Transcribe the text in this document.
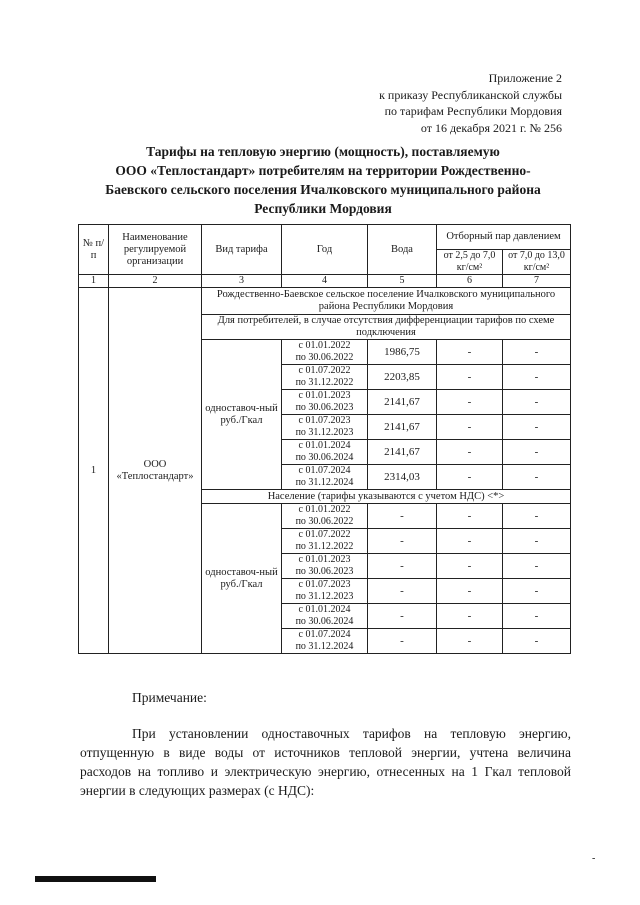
Приложение 2
к приказу Республиканской службы
по тарифам Республики Мордовия
от 16 декабря 2021 г. № 256
Тарифы на тепловую энергию (мощность), поставляемую
ООО «Теплостандарт» потребителям на территории Рождественно-
Баевского сельского поселения Ичалковского муниципального района
Республики Мордовия
№ п/п	Наименование регулируемой организации	Вид тарифа	Год	Вода	Отборный пар давлением	
					от 2,5 до 7,0 кг/см²	от 7,0 до 13,0 кг/см²
1	2	3	4	5	6	7
1	ООО «Теплостандарт»	Рождественно-Баевское сельское поселение Ичалковского муниципального района Республики Мордовия				
		Для потребителей, в случае отсутствия дифференциации тарифов по схеме подключения				
		одноставоч-ный руб./Гкал	с 01.01.2022
по 30.06.2022	1986,75	-	-

			с 01.07.2022
по 31.12.2022	2203,85	-	-

			с 01.01.2023
по 30.06.2023	2141,67	-	-

			с 01.07.2023
по 31.12.2023	2141,67	-	-

			с 01.01.2024
по 30.06.2024	2141,67	-	-

			с 01.07.2024
по 31.12.2024	2314,03	-	-
		Население (тарифы указываются с учетом НДС) <*>				
		одноставоч-ный руб./Гкал	с 01.01.2022
по 30.06.2022	-	-	-

			с 01.07.2022
по 31.12.2022	-	-	-

			с 01.01.2023
по 30.06.2023	-	-	-

			с 01.07.2023
по 31.12.2023	-	-	-

			с 01.01.2024
по 30.06.2024	-	-	-

			с 01.07.2024
по 31.12.2024	-	-	-
Примечание:
При установлении одноставочных тарифов на тепловую энергию, отпущенную в виде воды от источников тепловой энергии, учтена величина расходов на топливо и электрическую энергию, отнесенных на 1 Гкал тепловой энергии в следующих размерах (с НДС):
-
